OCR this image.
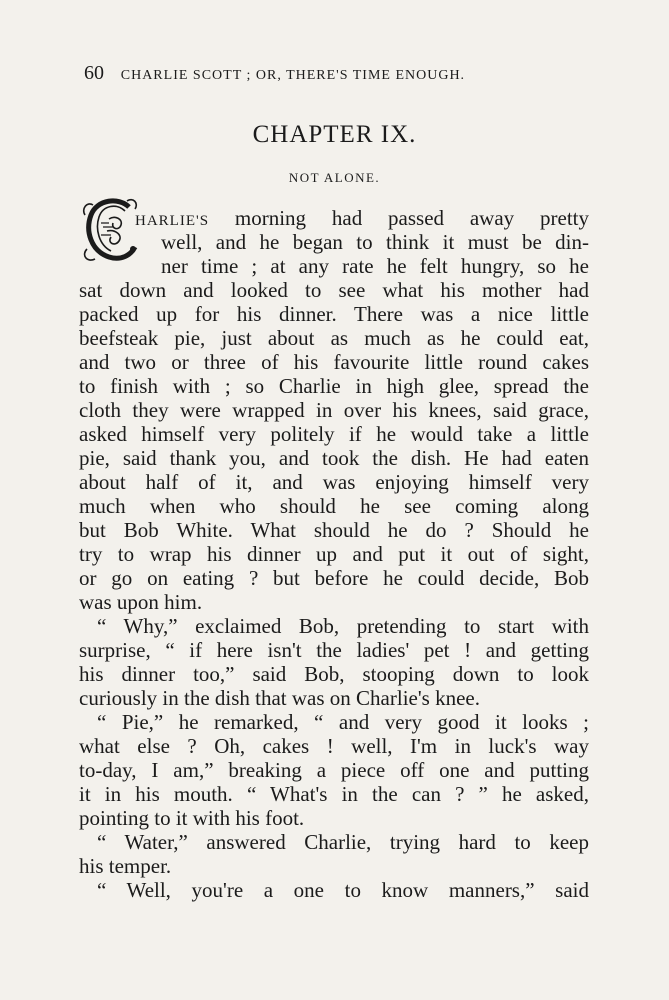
60 CHARLIE SCOTT ; OR, THERE'S TIME ENOUGH.
CHAPTER IX.
NOT ALONE.
HARLIE'S morning had passed away pretty
well, and he began to think it must be din-
ner time ; at any rate he felt hungry, so he
sat down and looked to see what his mother had
packed up for his dinner. There was a nice little
beefsteak pie, just about as much as he could eat,
and two or three of his favourite little round cakes
to finish with ; so Charlie in high glee, spread the
cloth they were wrapped in over his knees, said grace,
asked himself very politely if he would take a little
pie, said thank you, and took the dish. He had eaten
about half of it, and was enjoying himself very
much when who should he see coming along
but Bob White. What should he do ? Should he
try to wrap his dinner up and put it out of sight,
or go on eating ? but before he could decide, Bob
was upon him.
“ Why,” exclaimed Bob, pretending to start with
surprise, “ if here isn't the ladies' pet ! and getting
his dinner too,” said Bob, stooping down to look
curiously in the dish that was on Charlie's knee.
“ Pie,” he remarked, “ and very good it looks ;
what else ? Oh, cakes ! well, I'm in luck's way
to-day, I am,” breaking a piece off one and putting
it in his mouth. “ What's in the can ? ” he asked,
pointing to it with his foot.
“ Water,” answered Charlie, trying hard to keep
his temper.
“ Well, you're a one to know manners,” said
